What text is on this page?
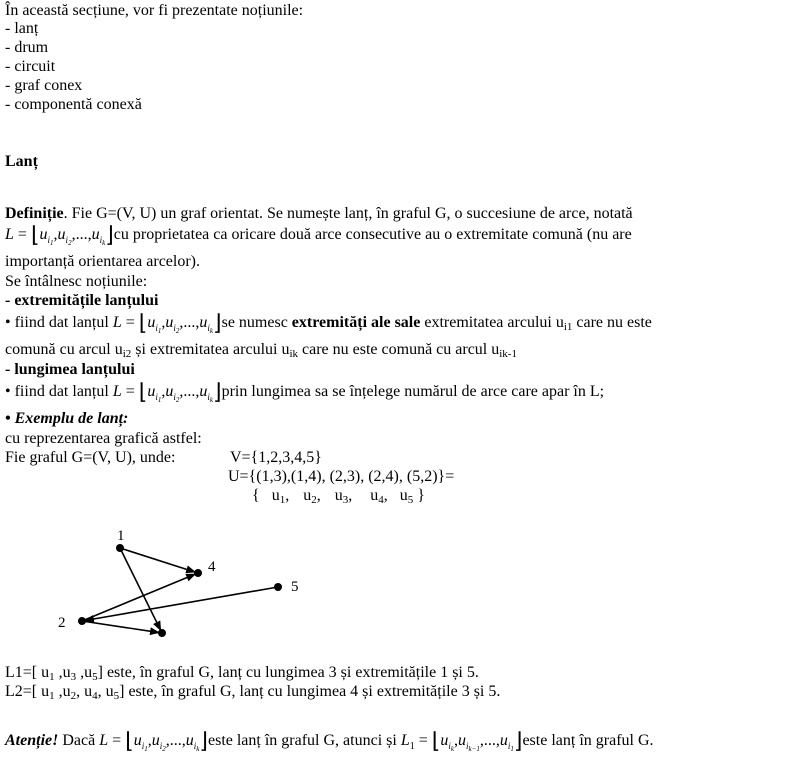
În această secțiune, vor fi prezentate noțiunile:
- lanț
- drum
- circuit
- graf conex
- componentă conexă
Lanț
Definiție. Fie G=(V, U) un graf orientat. Se numește lanț, în graful G, o succesiune de arce, notată
$L = ⌊u_{i_1},u_{i_2},...,u_{i_k}⌋cu$ proprietatea ca oricare două arce consecutive au o extremitate comună (nu are
importanță orientarea arcelor).
Se întâlnesc noțiunile:
- extremitățile lanțului
• fiind dat lanțul $L = ⌊u_{i_1},u_{i_2},...,u_{i_k}⌋se$ numesc extremități ale sale extremitatea arcului ui1 care nu este
comună cu arcul ui2 și extremitatea arcului uik care nu este comună cu arcul uik-1
- lungimea lanțului
• fiind dat lanțul $L = ⌊u_{i_1},u_{i_2},...,u_{i_k}⌋prin$ lungimea sa se înțelege numărul de arce care apar în L;
• Exemplu de lanț:
cu reprezentarea grafică astfel:
Fie graful G=(V, U), unde:	V={1,2,3,4,5}
U={(1,3),(1,4), (2,3), (2,4), (5,2)}=
{ u1, u2, u3, u4, u5 }
1
2
4
5
L1=[ u1 ,u3 ,u5] este, în graful G, lanț cu lungimea 3 și extremitățile 1 și 5.
L2=[ u1 ,u2, u4, u5] este, în graful G, lanț cu lungimea 4 și extremitățile 3 și 5.
Atenție! Dacă $L = ⌊u_{i_1},u_{i_2},...,u_{i_k}⌋este$ lanț în graful G, atunci și $L_1$ = $⌊u_{i_k},u_{i_{k-1}},...,u_{i_1}⌋este$ lanț în graful G.
